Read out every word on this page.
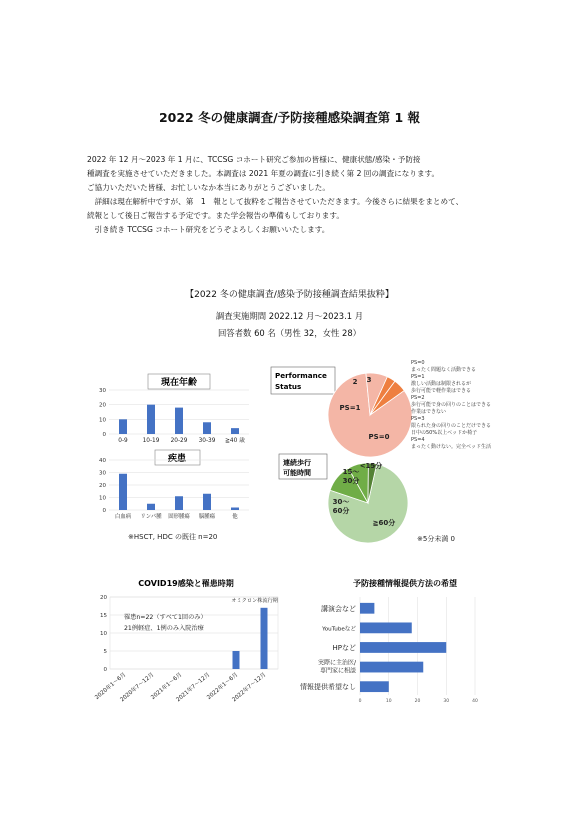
2022 冬の健康調査/予防接種感染調査第 1 報
2022 年 12 月～2023 年 1 月に、TCCSG コホート研究ご参加の皆様に、健康状態/感染・予防接
種調査を実施させていただきました。本調査は 2021 年夏の調査に引き続く第 2 回の調査になります。
ご協力いただいた皆様、お忙しいなか本当にありがとうございました。
　詳細は現在解析中ですが、第　1　報として抜粋をご報告させていただきます。今後さらに結果をまとめて、
続報として後日ご報告する予定です。また学会報告の準備もしております。
　引き続き TCCSG コホート研究をどうぞよろしくお願いいたします。
【2022 冬の健康調査/感染予防接種調査結果抜粋】
調査実施期間 2022.12 月～2023.1 月
回答者数 60 名（男性 32，女性 28）
現在年齢
0
10
20
30
0-9	10-19 20-29 30-39 ≧40 歳
疾患
0
10
20
30
40
白血病 リンパ腫 固形腫瘍 脳腫瘍	他
※HSCT, HDC の既往 n=20
Performance
Status
PS=0
PS=1
2 3
PS=0
まったく問題なく活動できる
PS=1
激しい活動は制限されるが
歩行可能で軽作業はできる
PS=2
歩行可能で身の回りのことはできる
作業はできない
PS=3
限られた身の回りのことだけできる
日中の50%以上ベッドか椅子
PS=4
まったく動けない。完全ベッド生活
連続歩行
可能時間
≧60分
30～
60分
15～
30分
<15分
※5分未満 0
COVID19感染と罹患時期
0
5
10
15
20
2020年1～6月
2020年7～12月
2021年1～6月
2021年7～12月
2022年1～6月
2022年7～12月
オミクロン株流行期
罹患n=22（すべて1回のみ）
21例軽症、1例のみ入院治療
予防接種情報提供方法の希望
0	10	20	30	40
講演会など
YouTubeなど
HPなど
実際に主治医/
専門家に相談
情報提供希望なし
